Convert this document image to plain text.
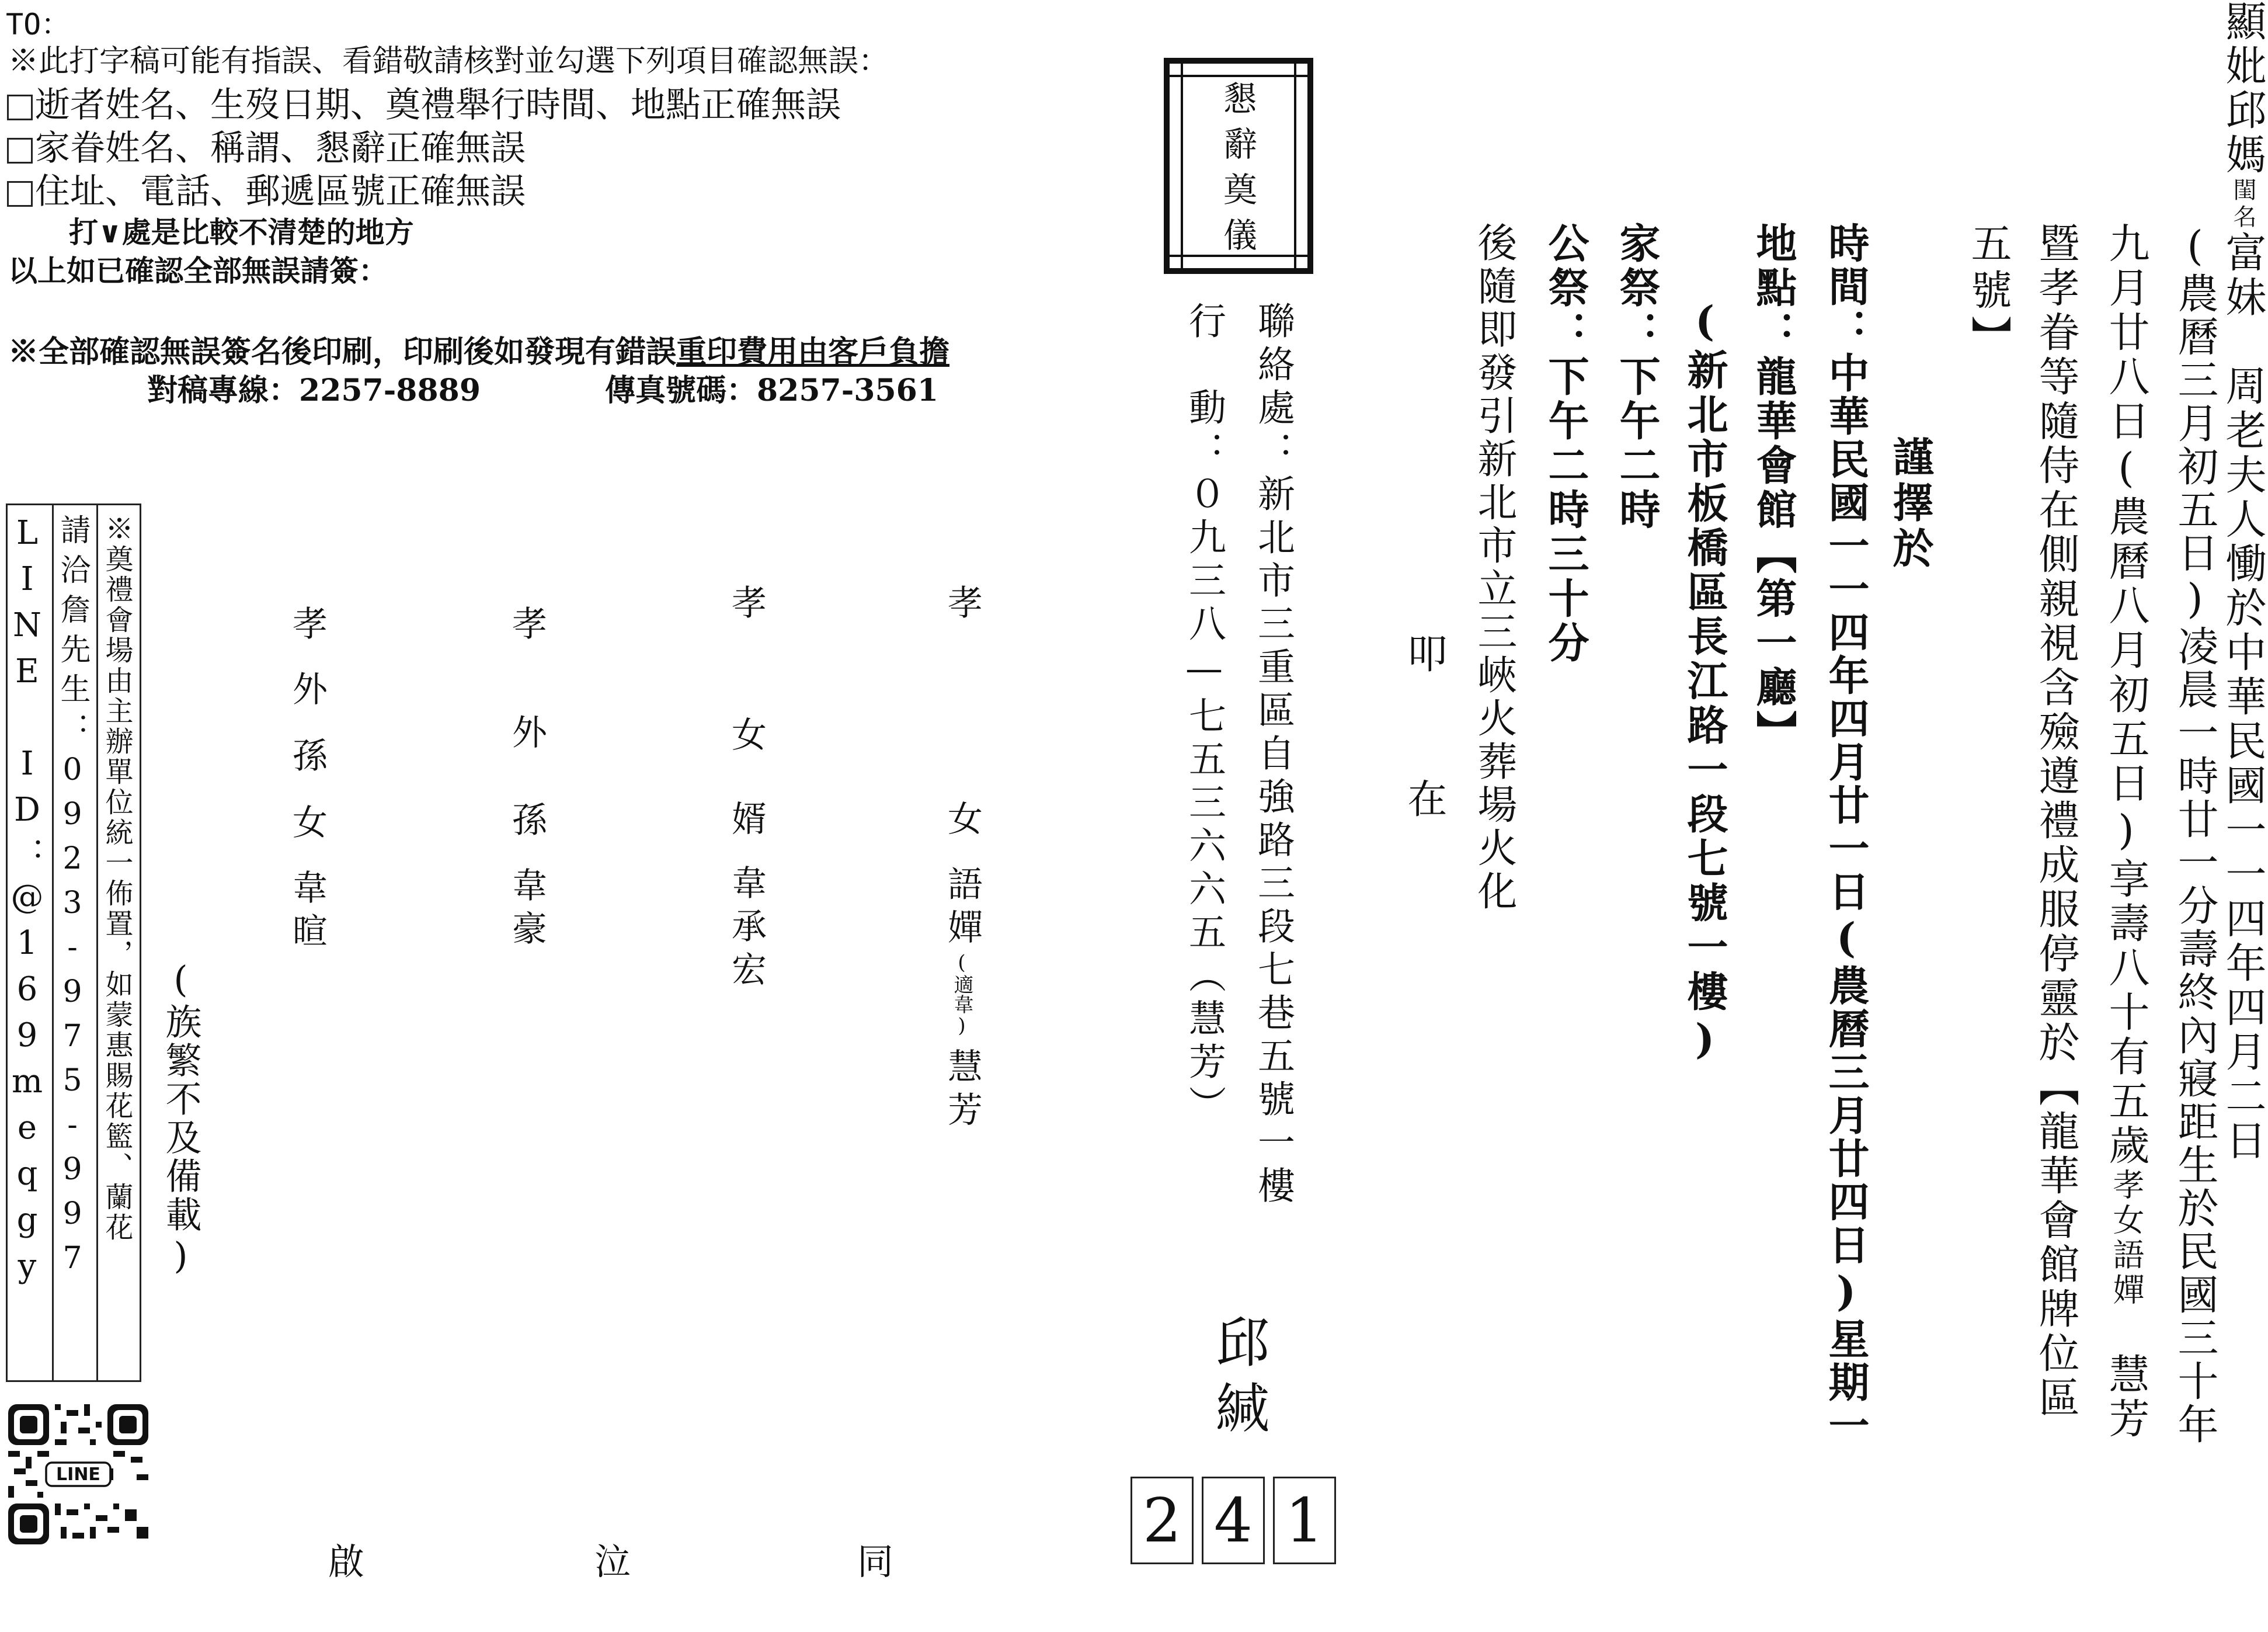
TO：
※此打字稿可能有指誤、看錯敬請核對並勾選下列項目確認無誤：
逝者姓名、生歿日期、奠禮舉行時間、地點正確無誤
家眷姓名、稱謂、懇辭正確無誤
住址、電話、郵遞區號正確無誤
打∨處是比較不清楚的地方
以上如已確認全部無誤請簽：
※全部確認無誤簽名後印刷，印刷後如發現有錯誤重印費用由客戶負擔
對稿專線：2257-8889	傳真號碼：8257-3561
LINE ID：@169meqgy 請洽詹先生：0923-975-997 ※奠禮會場由主辦單位統一佈置，如蒙惠賜花籃、蘭花
LINE
孝
女
語嬋
(適韋)
慧芳
孝
女
婿
韋承宏
孝
外
孫
韋豪
孝
外
孫
女
韋暄
(族繁不及備載)
同
泣
啟
懇辭奠儀
聯絡處：新北市三重區自強路三段七巷五號一樓
行　動：０九三八—七五三六六五（慧芳）
邱緘
2 4 1
叩　在 後隨即發引新北市立三峽火葬場火化 公祭：下午二時三十分 家祭：下午二時 (新北市板橋區長江路一段七號一樓) 地點：龍華會館【第一廳】 時間：中華民國一一四年四月廿一日(農曆三月廿四日)星期一 謹擇於
五號】 暨孝眷等隨侍在側親視含殮遵禮成服停靈於【龍華會館牌位區 九月廿八日(農曆八月初五日)享壽八十有五歲孝女語嬋　慧芳 (農曆三月初五日)凌晨一時廿一分壽終內寢距生於民國三十年
顯妣邱媽閨名富妹　周老夫人慟於中華民國一一四年四月二日
